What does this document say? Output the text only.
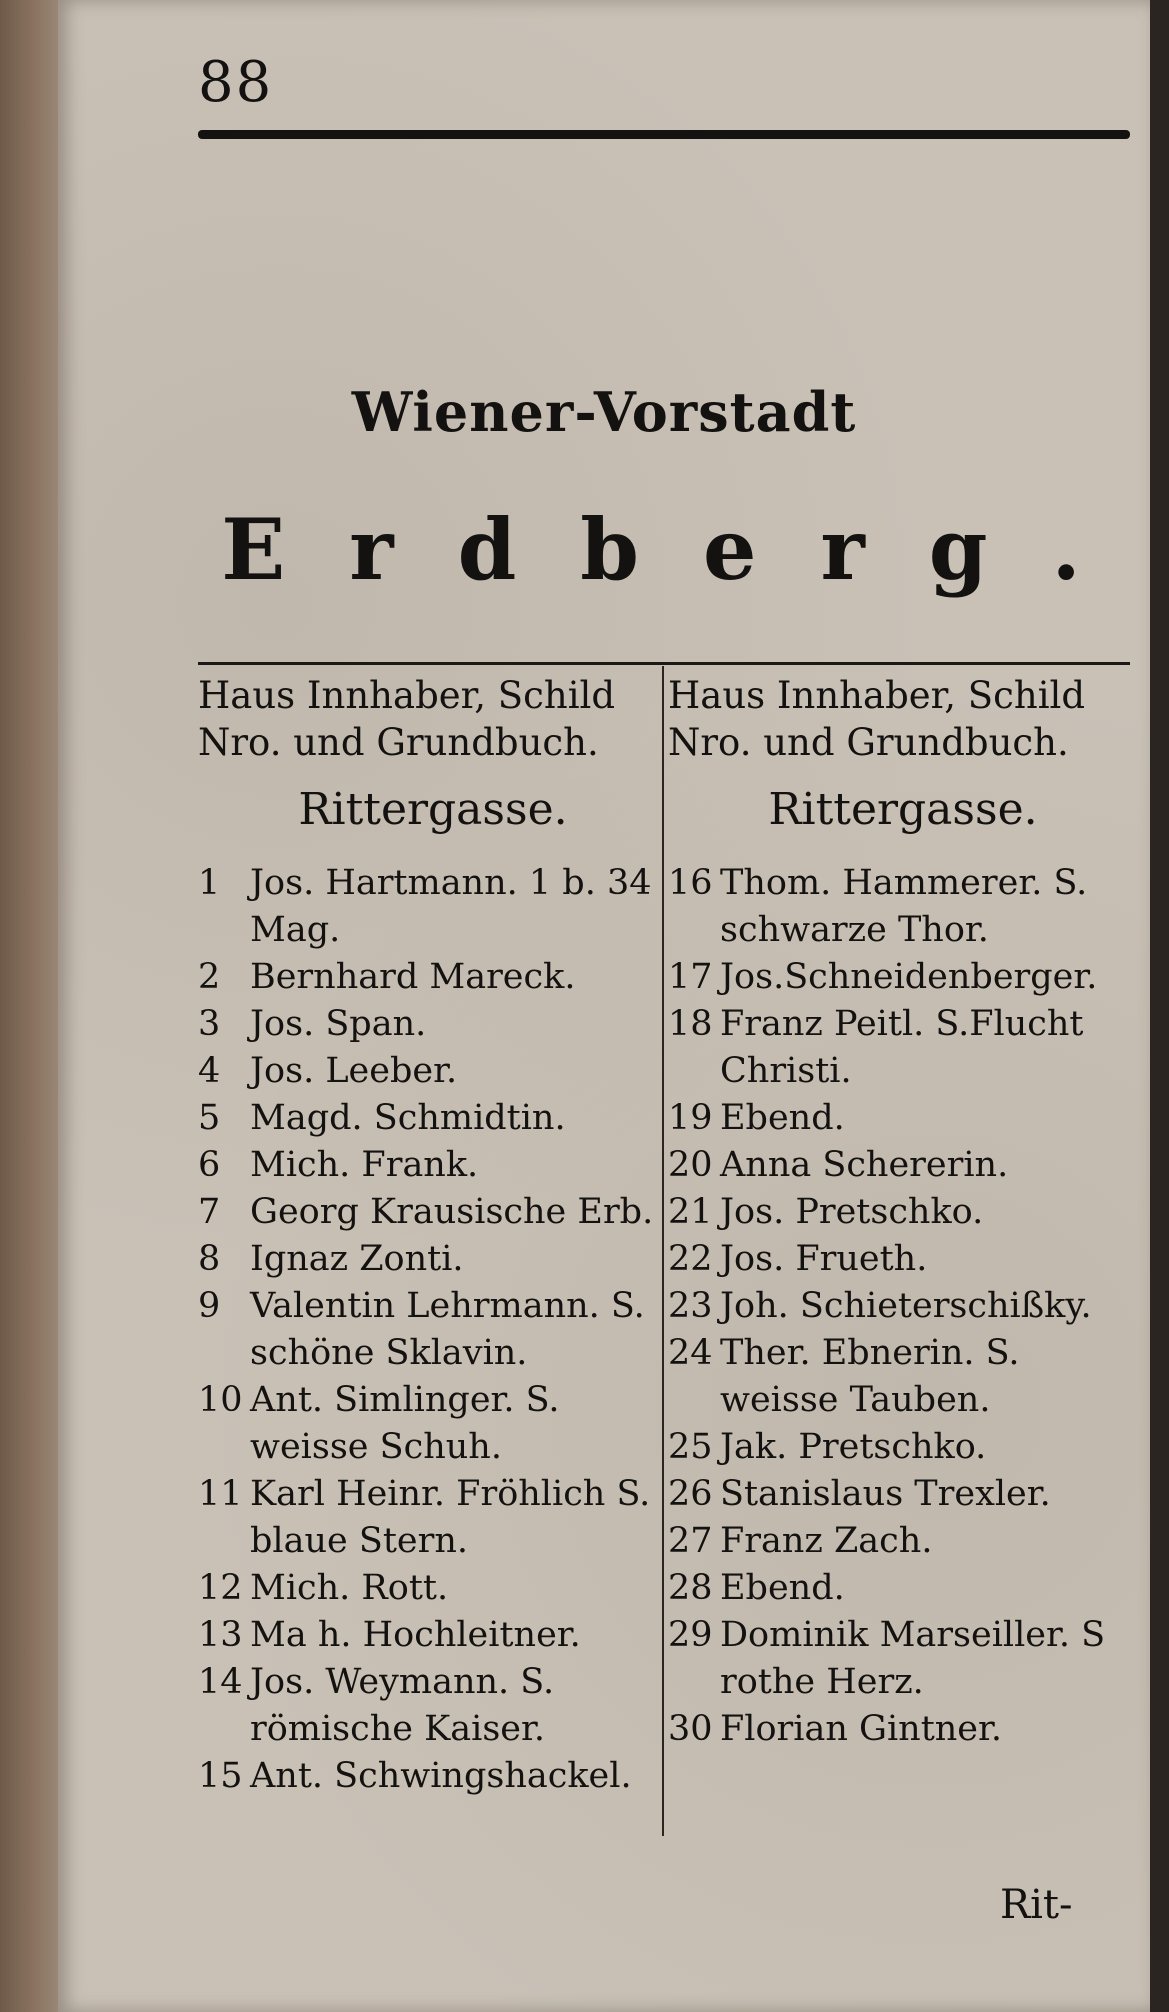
88
Wiener-Vorstadt
Erdberg.
Haus Innhaber, Schild
Nro. und Grundbuch.
Rittergasse.
1 Jos. Hartmann. 1 b. 34 Mag.
2 Bernhard Mareck.
3 Jos. Span.
4 Jos. Leeber.
5 Magd. Schmidtin.
6 Mich. Frank.
7 Georg Krausische Erb.
8 Ignaz Zonti.
9 Valentin Lehrmann. S. schöne Sklavin.
10 Ant. Simlinger. S. weisse Schuh.
11 Karl Heinr. Fröhlich S. blaue Stern.
12 Mich. Rott.
13 Ma h. Hochleitner.
14 Jos. Weymann. S. römische Kaiser.
15 Ant. Schwingshackel.
Haus Innhaber, Schild
Nro. und Grundbuch.
Rittergasse.
16 Thom. Hammerer. S. schwarze Thor.
17 Jos.Schneidenberger.
18 Franz Peitl. S.Flucht Christi.
19 Ebend.
20 Anna Schererin.
21 Jos. Pretschko.
22 Jos. Frueth.
23 Joh. Schieterschißky.
24 Ther. Ebnerin. S. weisse Tauben.
25 Jak. Pretschko.
26 Stanislaus Trexler.
27 Franz Zach.
28 Ebend.
29 Dominik Marseiller. S rothe Herz.
30 Florian Gintner.
Rit-
